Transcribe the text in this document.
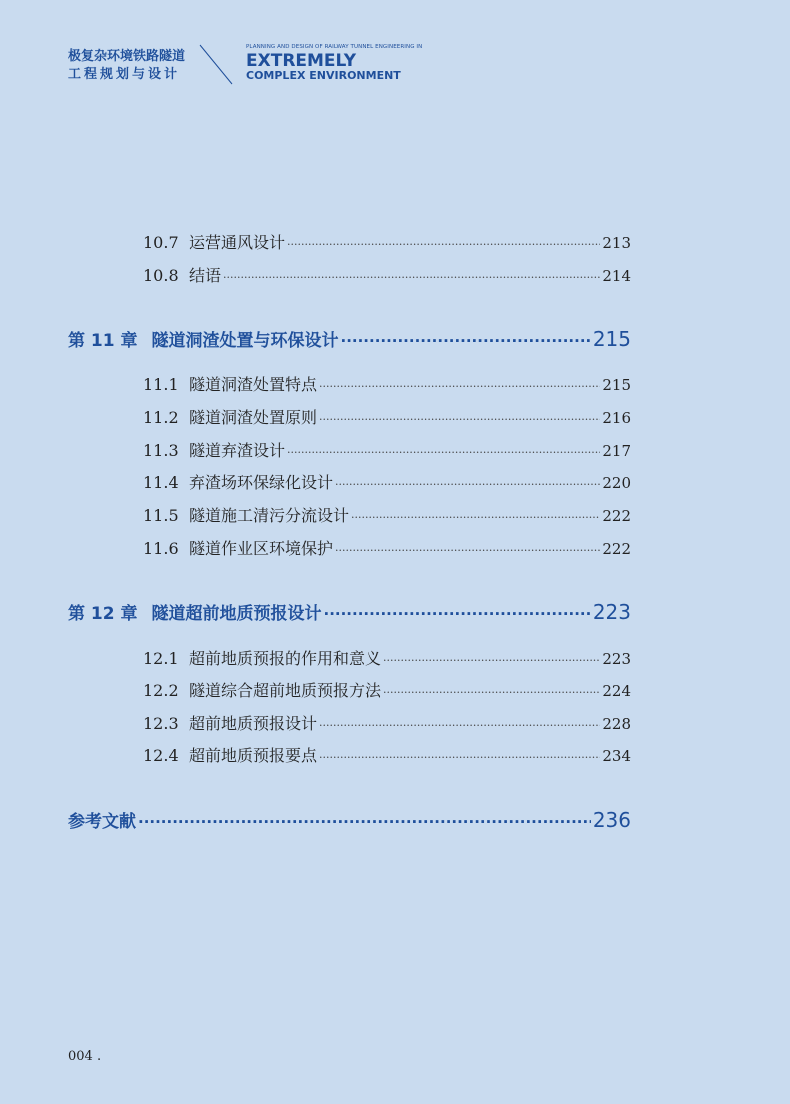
极复杂环境铁路隧道
工程规划与设计
PLANNING AND DESIGN OF RAILWAY TUNNEL ENGINEERING IN
EXTREMELY
COMPLEX ENVIRONMENT
10.7 运营通风设计 ·····	213
10.8 结语 ·····	214
第 11 章 隧道洞渣处置与环保设计 ·····	215
11.1 隧道洞渣处置特点 ·····	215
11.2 隧道洞渣处置原则 ·····	216
11.3 隧道弃渣设计 ·····	217
11.4 弃渣场环保绿化设计 ·····	220
11.5 隧道施工清污分流设计 ·····	222
11.6 隧道作业区环境保护 ·····	222
第 12 章 隧道超前地质预报设计 ·····	223
12.1 超前地质预报的作用和意义 ·····	223
12.2 隧道综合超前地质预报方法 ·····	224
12.3 超前地质预报设计 ·····	228
12.4 超前地质预报要点 ·····	234
参考文献 ·····	236
004 .
